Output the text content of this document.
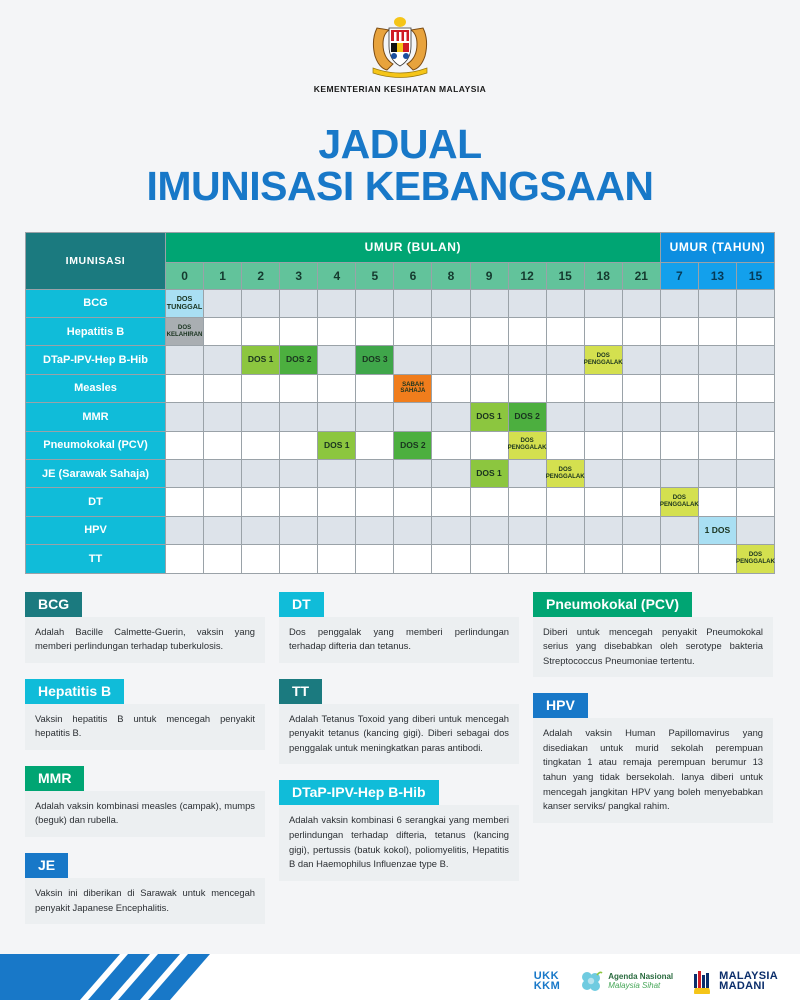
KEMENTERIAN KESIHATAN MALAYSIA
JADUAL
IMUNISASI KEBANGSAAN
IMUNISASI	UMUR (BULAN)													UMUR (TAHUN)		
	0	1	2	3	4	5	6	8	9	12	15	18	21	7	13	15
BCG	DOS TUNGGAL															

Hepatitis B	DOS KELAHIRAN															

DTaP-IPV-Hep B-Hib			DOS 1	DOS 2		DOS 3						DOS PENGGALAK				

Measles							SABAH SAHAJA									

MMR									DOS 1	DOS 2						

Pneumokokal (PCV)					DOS 1		DOS 2			DOS PENGGALAK						

JE (Sarawak Sahaja)									DOS 1		DOS PENGGALAK					

DT														DOS PENGGALAK		

HPV															1 DOS	

TT																DOS PENGGALAK
BCG
Adalah Bacille Calmette-Guerin, vaksin yang memberi perlindungan terhadap tuberkulosis.
Hepatitis B
Vaksin hepatitis B untuk mencegah penyakit hepatitis B.
MMR
Adalah vaksin kombinasi measles (campak), mumps (beguk) dan rubella.
JE
Vaksin ini diberikan di Sarawak untuk mencegah penyakit Japanese Encephalitis.
DT
Dos penggalak yang memberi perlindungan terhadap difteria dan tetanus.
TT
Adalah Tetanus Toxoid yang diberi untuk mencegah penyakit tetanus (kancing gigi). Diberi sebagai dos penggalak untuk meningkatkan paras antibodi.
DTaP-IPV-Hep B-Hib
Adalah vaksin kombinasi 6 serangkai yang memberi perlindungan terhadap difteria, tetanus (kancing gigi), pertussis (batuk kokol), poliomyelitis, Hepatitis B dan Haemophilus Influenzae type B.
Pneumokokal (PCV)
Diberi untuk mencegah penyakit Pneumokokal serius yang disebabkan oleh serotype bakteria Streptococcus Pneumoniae tertentu.
HPV
Adalah vaksin Human Papillomavirus yang disediakan untuk murid sekolah perempuan tingkatan 1 atau remaja perempuan berumur 13 tahun yang tidak bersekolah. Ianya diberi untuk mencegah jangkitan HPV yang boleh menyebabkan kanser serviks/ pangkal rahim.
UKK
KKM
Agenda Nasional
Malaysia Sihat
MALAYSIA
MADANI
